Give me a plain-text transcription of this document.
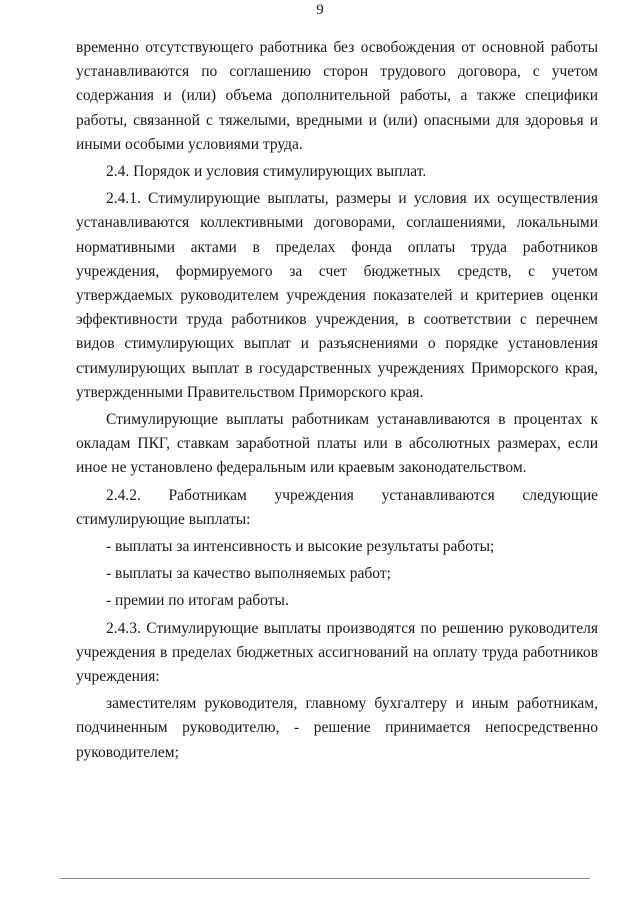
9

временно отсутствующего работника без освобождения от основной работы устанавливаются по соглашению сторон трудового договора, с учетом содержания и (или) объема дополнительной работы, а также специфики работы, связанной с тяжелыми, вредными и (или) опасными для здоровья и иными особыми условиями труда.

2.4. Порядок и условия стимулирующих выплат.

2.4.1. Стимулирующие выплаты, размеры и условия их осуществления устанавливаются коллективными договорами, соглашениями, локальными нормативными актами в пределах фонда оплаты труда работников учреждения, формируемого за счет бюджетных средств, с учетом утверждаемых руководителем учреждения показателей и критериев оценки эффективности труда работников учреждения, в соответствии с перечнем видов стимулирующих выплат и разъяснениями о порядке установления стимулирующих выплат в государственных учреждениях Приморского края, утвержденными Правительством Приморского края.

Стимулирующие выплаты работникам устанавливаются в процентах к окладам ПКГ, ставкам заработной платы или в абсолютных размерах, если иное не установлено федеральным или краевым законодательством.

2.4.2. Работникам учреждения устанавливаются следующие стимулирующие выплаты:

- выплаты за интенсивность и высокие результаты работы;

- выплаты за качество выполняемых работ;

- премии по итогам работы.

2.4.3. Стимулирующие выплаты производятся по решению руководителя учреждения в пределах бюджетных ассигнований на оплату труда работников учреждения:

заместителям руководителя, главному бухгалтеру и иным работникам, подчиненным руководителю, - решение принимается непосредственно руководителем;
